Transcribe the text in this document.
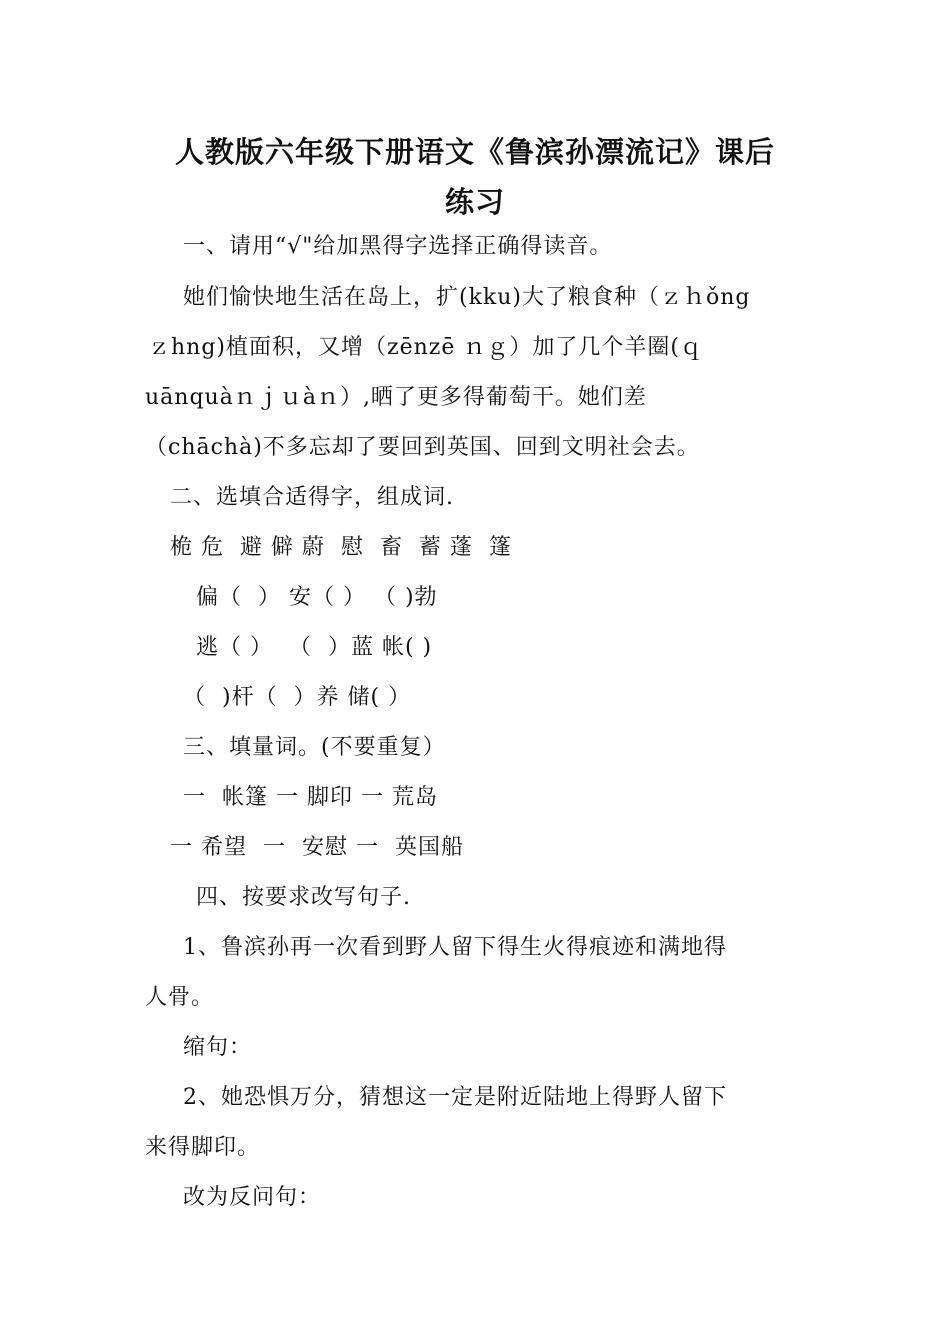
人教版六年级下册语文《鲁滨孙漂流记》课后
练习
一、请用“√"给加黑得字选择正确得读音。
她们愉快地生活在岛上，扩(kku)大了粮食种（ｚｈǒng
ｚhng)植面积，又增（zēnzē ｎｇ）加了几个羊圈(ｑ
uānquàｎｊｕàｎ）,晒了更多得葡萄干。她们差
（chāchà)不多忘却了要回到英国、回到文明社会去。
二、选填合适得字，组成词.
桅 危  避 僻 蔚  慰  畜  蓄 蓬  篷
偏（  ） 安（ ） （ )勃
逃（ ）  （  ）蓝 帐( )
（  )杆（  ）养 储( ）
三、填量词。(不要重复）
一  帐篷 一 脚印 一 荒岛
一 希望  一  安慰 一  英国船
四、按要求改写句子.
1、鲁滨孙再一次看到野人留下得生火得痕迹和满地得
人骨。
缩句：
2、她恐惧万分，猜想这一定是附近陆地上得野人留下
来得脚印。
改为反问句：
